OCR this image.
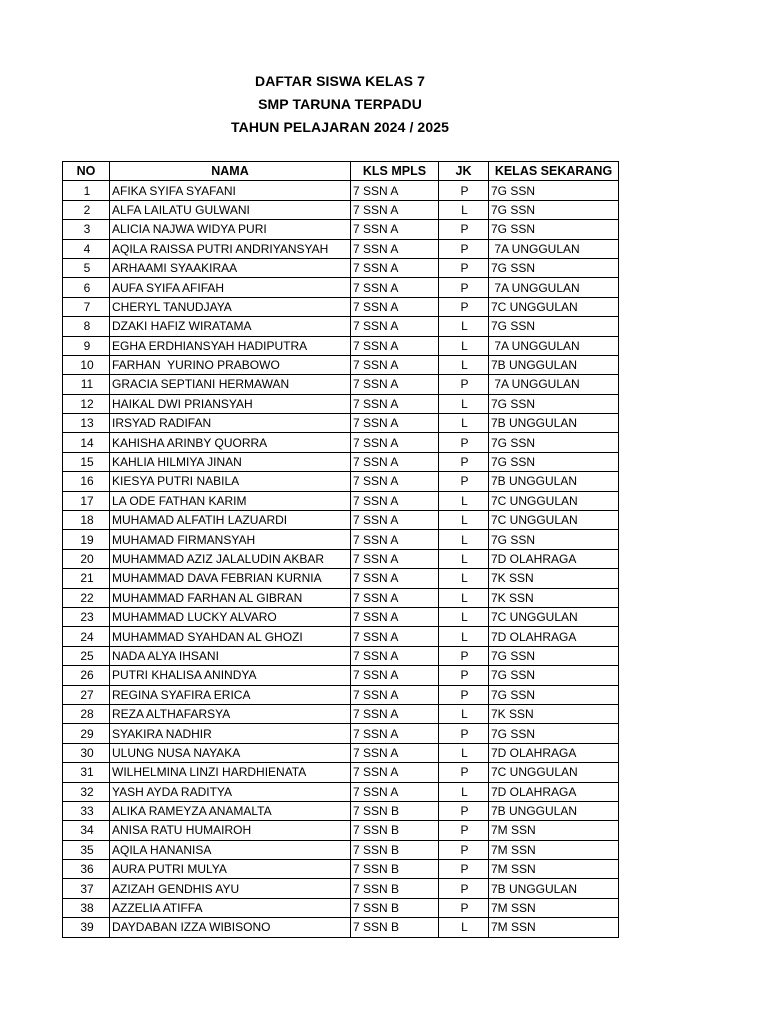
DAFTAR SISWA KELAS 7
SMP TARUNA TERPADU
TAHUN PELAJARAN 2024 / 2025
NO	NAMA	KLS MPLS	JK	KELAS SEKARANG
1	AFIKA SYIFA SYAFANI	7 SSN A	P	7G SSN
2	ALFA LAILATU GULWANI	7 SSN A	L	7G SSN
3	ALICIA NAJWA WIDYA PURI	7 SSN A	P	7G SSN
4	AQILA RAISSA PUTRI ANDRIYANSYAH	7 SSN A	P	7A UNGGULAN
5	ARHAAMI SYAAKIRAA	7 SSN A	P	7G SSN
6	AUFA SYIFA AFIFAH	7 SSN A	P	7A UNGGULAN
7	CHERYL TANUDJAYA	7 SSN A	P	7C UNGGULAN
8	DZAKI HAFIZ WIRATAMA	7 SSN A	L	7G SSN
9	EGHA ERDHIANSYAH HADIPUTRA	7 SSN A	L	7A UNGGULAN
10	FARHAN  YURINO PRABOWO	7 SSN A	L	7B UNGGULAN
11	GRACIA SEPTIANI HERMAWAN	7 SSN A	P	7A UNGGULAN
12	HAIKAL DWI PRIANSYAH	7 SSN A	L	7G SSN
13	IRSYAD RADIFAN	7 SSN A	L	7B UNGGULAN
14	KAHISHA ARINBY QUORRA	7 SSN A	P	7G SSN
15	KAHLIA HILMIYA JINAN	7 SSN A	P	7G SSN
16	KIESYA PUTRI NABILA	7 SSN A	P	7B UNGGULAN
17	LA ODE FATHAN KARIM	7 SSN A	L	7C UNGGULAN
18	MUHAMAD ALFATIH LAZUARDI	7 SSN A	L	7C UNGGULAN
19	MUHAMAD FIRMANSYAH	7 SSN A	L	7G SSN
20	MUHAMMAD AZIZ JALALUDIN AKBAR	7 SSN A	L	7D OLAHRAGA
21	MUHAMMAD DAVA FEBRIAN KURNIA	7 SSN A	L	7K SSN
22	MUHAMMAD FARHAN AL GIBRAN	7 SSN A	L	7K SSN
23	MUHAMMAD LUCKY ALVARO	7 SSN A	L	7C UNGGULAN
24	MUHAMMAD SYAHDAN AL GHOZI	7 SSN A	L	7D OLAHRAGA
25	NADA ALYA IHSANI	7 SSN A	P	7G SSN
26	PUTRI KHALISA ANINDYA	7 SSN A	P	7G SSN
27	REGINA SYAFIRA ERICA	7 SSN A	P	7G SSN
28	REZA ALTHAFARSYA	7 SSN A	L	7K SSN
29	SYAKIRA NADHIR	7 SSN A	P	7G SSN
30	ULUNG NUSA NAYAKA	7 SSN A	L	7D OLAHRAGA
31	WILHELMINA LINZI HARDHIENATA	7 SSN A	P	7C UNGGULAN
32	YASH AYDA RADITYA	7 SSN A	L	7D OLAHRAGA
33	ALIKA RAMEYZA ANAMALTA	7 SSN B	P	7B UNGGULAN
34	ANISA RATU HUMAIROH	7 SSN B	P	7M SSN
35	AQILA HANANISA	7 SSN B	P	7M SSN
36	AURA PUTRI MULYA	7 SSN B	P	7M SSN
37	AZIZAH GENDHIS AYU	7 SSN B	P	7B UNGGULAN
38	AZZELIA ATIFFA	7 SSN B	P	7M SSN
39	DAYDABAN IZZA WIBISONO	7 SSN B	L	7M SSN
